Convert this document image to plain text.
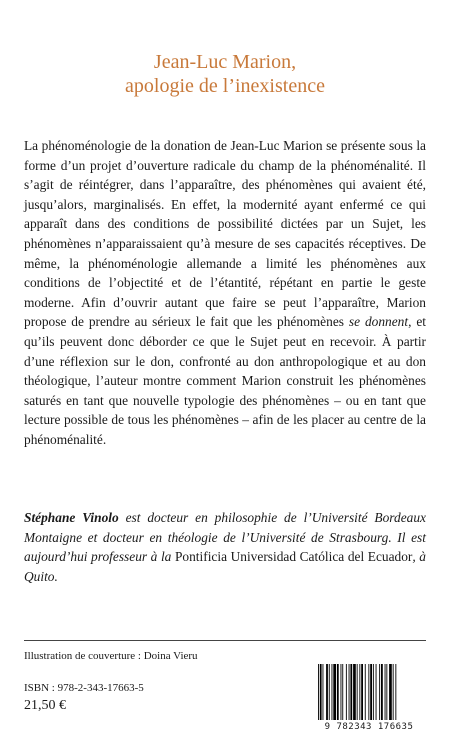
Jean-Luc Marion,
apologie de l’inexistence
La phénoménologie de la donation de Jean-Luc Marion se présente sous la forme d’un projet d’ouverture radicale du champ de la phénoménalité. Il s’agit de réintégrer, dans l’apparaître, des phénomènes qui avaient été, jusqu’alors, marginalisés. En effet, la modernité ayant enfermé ce qui apparaît dans des conditions de possibilité dictées par un Sujet, les phénomènes n’apparaissaient qu’à mesure de ses capacités réceptives. De même, la phénoménologie allemande a limité les phénomènes aux conditions de l’objectité et de l’étantité, répétant en partie le geste moderne. Afin d’ouvrir autant que faire se peut l’apparaître, Marion propose de prendre au sérieux le fait que les phénomènes se donnent, et qu’ils peuvent donc déborder ce que le Sujet peut en recevoir. À partir d’une réflexion sur le don, confronté au don anthropologique et au don théologique, l’auteur montre comment Marion construit les phénomènes saturés en tant que nouvelle typologie des phénomènes – ou en tant que lecture possible de tous les phénomènes – afin de les placer au centre de la phénoménalité.
Stéphane Vinolo est docteur en philosophie de l’Université Bordeaux Montaigne et docteur en théologie de l’Université de Strasbourg. Il est aujourd’hui professeur à la Pontificia Universidad Católica del Ecuador, à Quito.
Illustration de couverture : Doina Vieru
ISBN : 978-2-343-17663-5
21,50 €
9 782343 176635
